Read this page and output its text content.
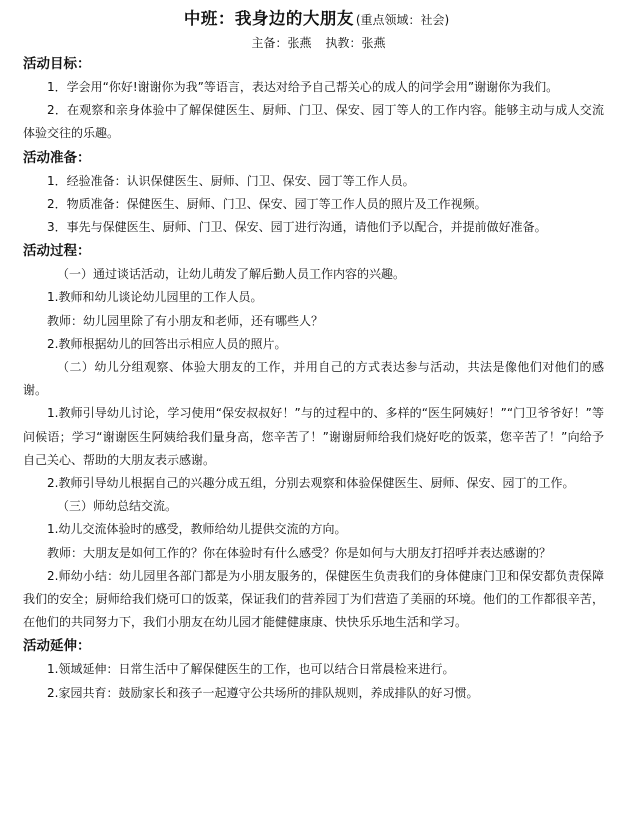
中班：我身边的大朋友 (重点领域：社会)
主备：张燕 执教：张燕
活动目标：

1．学会用“你好!谢谢你为我”等语言，表达对给予自己帮关心的成人的问学会用”谢谢你为我们。

2．在观察和亲身体验中了解保健医生、厨师、门卫、保安、园丁等人的工作内容。能够主动与成人交流体验交往的乐趣。

活动准备：

1．经验准备：认识保健医生、厨师、门卫、保安、园丁等工作人员。

2．物质准备：保健医生、厨师、门卫、保安、园丁等工作人员的照片及工作视频。

3．事先与保健医生、厨师、门卫、保安、园丁进行沟通，请他们予以配合，并提前做好准备。

活动过程：

（一）通过谈话活动，让幼儿萌发了解后勤人员工作内容的兴趣。

1.教师和幼儿谈论幼儿园里的工作人员。

教师：幼儿园里除了有小朋友和老师，还有哪些人？

2.教师根据幼儿的回答出示相应人员的照片。

（二）幼儿分组观察、体验大朋友的工作，并用自己的方式表达参与活动，共法是像他们对他们的感谢。

1.教师引导幼儿讨论，学习使用“保安叔叔好！”与的过程中的、多样的“医生阿姨好！”“门卫爷爷好！”等问候语；学习“谢谢医生阿姨给我们量身高，您辛苦了！”谢谢厨师给我们烧好吃的饭菜，您辛苦了！”向给予自己关心、帮助的大朋友表示感谢。

2.教师引导幼儿根据自己的兴趣分成五组，分别去观察和体验保健医生、厨师、保安、园丁的工作。

（三）师幼总结交流。

1.幼儿交流体验时的感受，教师给幼儿提供交流的方向。

教师：大朋友是如何工作的？你在体验时有什么感受？你是如何与大朋友打招呼并表达感谢的？

2.师幼小结：幼儿园里各部门都是为小朋友服务的，保健医生负责我们的身体健康门卫和保安都负责保障我们的安全；厨师给我们烧可口的饭菜，保证我们的营养园丁为们营造了美丽的环境。他们的工作都很辛苦，在他们的共同努力下，我们小朋友在幼儿园才能健健康康、快快乐乐地生活和学习。

活动延伸：

1.领域延伸：日常生活中了解保健医生的工作，也可以结合日常晨检来进行。

2.家园共育：鼓励家长和孩子一起遵守公共场所的排队规则，养成排队的好习惯。
